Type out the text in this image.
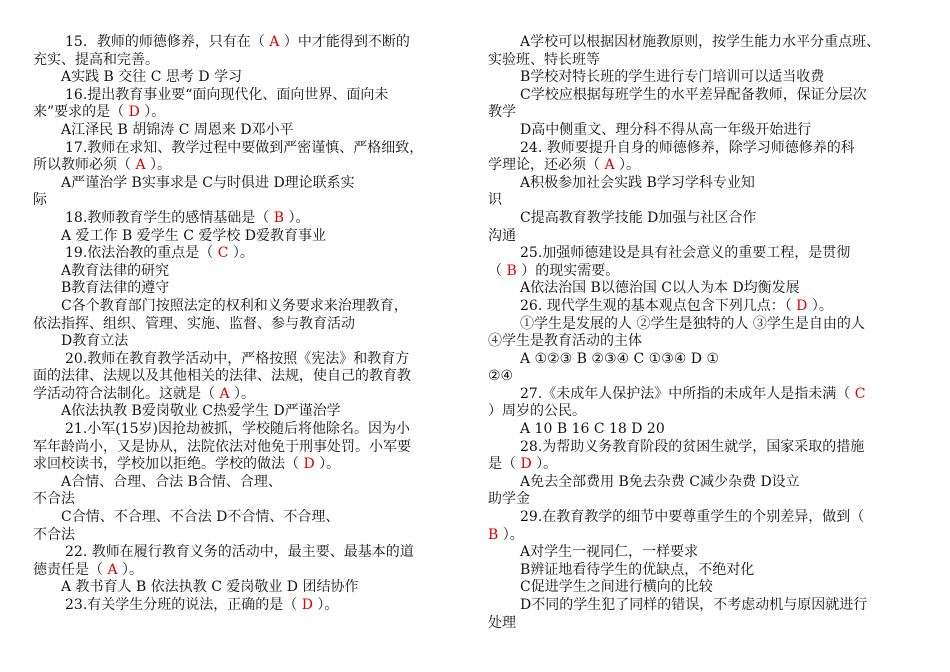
15．教师的师德修养，只有在（ A ）中才能得到不断的
充实、提高和完善。
A实践 B 交往 C 思考 D 学习
16.提出教育事业要“面向现代化、面向世界、面向未
来”要求的是（ D ）。
A江泽民 B 胡锦涛 C 周恩来 D邓小平
17.教师在求知、教学过程中要做到严密谨慎、严格细致，
所以教师必须（ A ）。
A严谨治学 B实事求是 C与时俱进 D理论联系实
际
18.教师教育学生的感情基础是（ B ）。
A 爱工作 B 爱学生 C 爱学校 D爱教育事业
19.依法治教的重点是（ C ）。
A教育法律的研究
B教育法律的遵守
C各个教育部门按照法定的权利和义务要求来治理教育，
依法指挥、组织、管理、实施、监督、参与教育活动
D教育立法
20.教师在教育教学活动中，严格按照《宪法》和教育方
面的法律、法规以及其他相关的法律、法规，使自己的教育教
学活动符合法制化。这就是（ A ）。
A依法执教 B爱岗敬业 C热爱学生 D严谨治学
21.小军(15岁)因抢劫被抓，学校随后将他除名。因为小
军年龄尚小，又是协从，法院依法对他免于刑事处罚。小军要
求回校读书，学校加以拒绝。学校的做法（ D ）。
A合情、合理、合法 B合情、合理、
不合法
C合情、不合理、不合法 D不合情、不合理、
不合法
22. 教师在履行教育义务的活动中，最主要、最基本的道
德责任是（ A ）。
A 教书育人 B 依法执教 C 爱岗敬业 D 团结协作
23.有关学生分班的说法，正确的是（ D ）。
A学校可以根据因材施教原则，按学生能力水平分重点班、
实验班、特长班等
B学校对特长班的学生进行专门培训可以适当收费
C学校应根据每班学生的水平差异配备教师，保证分层次
教学
D高中侧重文、理分科不得从高一年级开始进行
24. 教师要提升自身的师德修养，除学习师德修养的科
学理论，还必须（ A ）。
A积极参加社会实践 B学习学科专业知
识
C提高教育教学技能 D加强与社区合作
沟通
25.加强师德建设是具有社会意义的重要工程，是贯彻
（ B ）的现实需要。
A依法治国 B以德治国 C以人为本 D均衡发展
26. 现代学生观的基本观点包含下列几点：（ D ）。
①学生是发展的人 ②学生是独特的人 ③学生是自由的人
④学生是教育活动的主体
A ①②③ B ②③④ C ①③④ D ①
②④
27.《未成年人保护法》中所指的未成年人是指未满（ C
）周岁的公民。
A 10 B 16 C 18 D 20
28.为帮助义务教育阶段的贫困生就学，国家采取的措施
是（ D ）。
A免去全部费用 B免去杂费 C减少杂费 D设立
助学金
29.在教育教学的细节中要尊重学生的个别差异，做到（
B ）。
A对学生一视同仁，一样要求
B辨证地看待学生的优缺点，不绝对化
C促进学生之间进行横向的比较
D不同的学生犯了同样的错误，不考虑动机与原因就进行
处理
